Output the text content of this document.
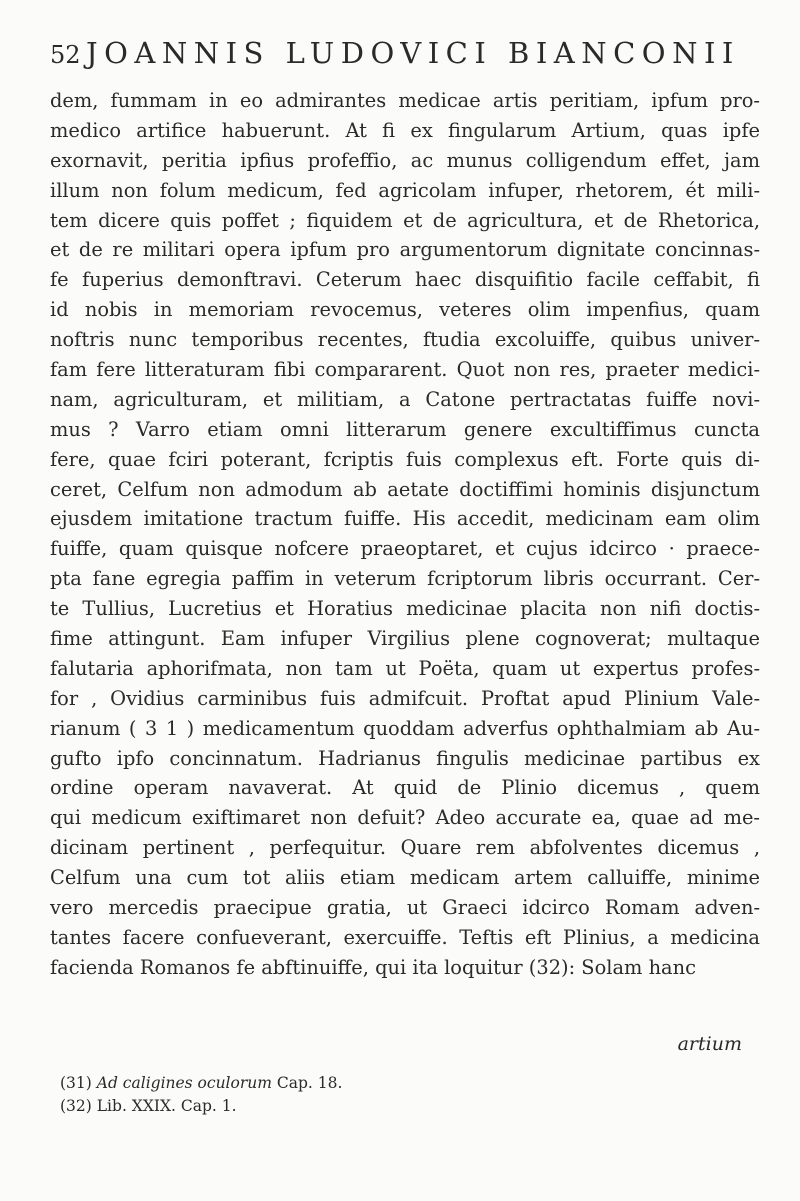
52 JOANNIS LUDOVICI BIANCONII
dem, fummam in eo admirantes medicae artis peritiam, ipfum pro-
medico artifice habuerunt. At fi ex fingularum Artium, quas ipfe
exornavit, peritia ipfius profeffio, ac munus colligendum effet, jam
illum non folum medicum, fed agricolam infuper, rhetorem, ét mili-
tem dicere quis poffet ; fiquidem et de agricultura, et de Rhetorica,
et de re militari opera ipfum pro argumentorum dignitate concinnas-
fe fuperius demonftravi. Ceterum haec disquifitio facile ceffabit, fi
id nobis in memoriam revocemus, veteres olim impenfius, quam
noftris nunc temporibus recentes, ftudia excoluiffe, quibus univer-
fam fere litteraturam fibi compararent. Quot non res, praeter medici-
nam, agriculturam, et militiam, a Catone pertractatas fuiffe novi-
mus ? Varro etiam omni litterarum genere excultiffimus cuncta
fere, quae fciri poterant, fcriptis fuis complexus eft. Forte quis di-
ceret, Celfum non admodum ab aetate doctiffimi hominis disjunctum
ejusdem imitatione tractum fuiffe. His accedit, medicinam eam olim
fuiffe, quam quisque nofcere praeoptaret, et cujus idcirco · praece-
pta fane egregia paffim in veterum fcriptorum libris occurrant. Cer-
te Tullius, Lucretius et Horatius medicinae placita non nifi doctis-
fime attingunt. Eam infuper Virgilius plene cognoverat; multaque
falutaria aphorifmata, non tam ut Poëta, quam ut expertus profes-
for , Ovidius carminibus fuis admifcuit. Proftat apud Plinium Vale-
rianum ( 3 1 ) medicamentum quoddam adverfus ophthalmiam ab Au-
gufto ipfo concinnatum. Hadrianus fingulis medicinae partibus ex
ordine operam navaverat. At quid de Plinio dicemus , quem
qui medicum exiftimaret non defuit? Adeo accurate ea, quae ad me-
dicinam pertinent , perfequitur. Quare rem abfolventes dicemus ,
Celfum una cum tot aliis etiam medicam artem calluiffe, minime
vero mercedis praecipue gratia, ut Graeci idcirco Romam adven-
tantes facere confueverant, exercuiffe. Teftis eft Plinius, a medicina
facienda Romanos fe abftinuiffe, qui ita loquitur (32): Solam hanc
artium
(31) Ad caligines oculorum Cap. 18.
(32) Lib. XXIX. Cap. 1.
